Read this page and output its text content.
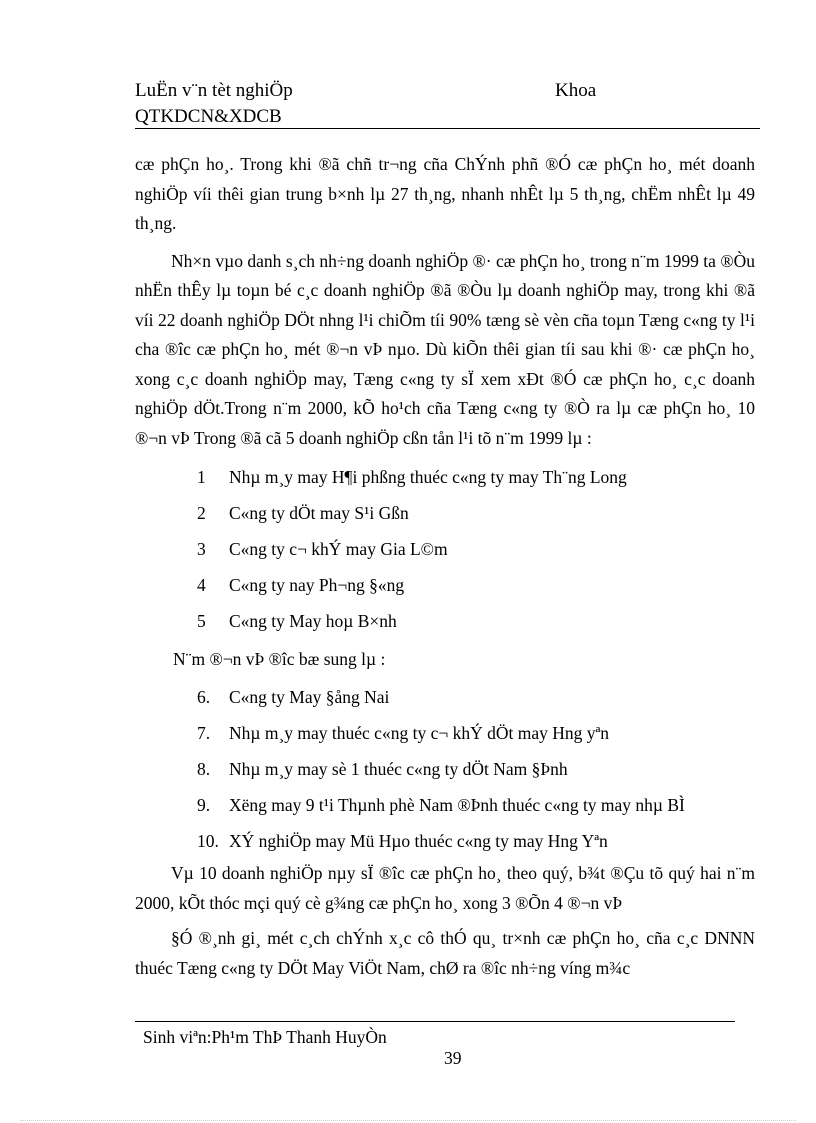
LuËn v¨n tèt nghiÖp
QTKDCN&XDCB
Khoa

cæ phÇn ho¸. Trong khi ®ã chñ tr¬ng cña ChÝnh phñ ®Ó cæ phÇn ho¸ mét doanh nghiÖp víi thêi gian trung b×nh lµ 27 th¸ng, nhanh nhÊt lµ 5 th¸ng, chËm nhÊt lµ 49 th¸ng.

Nh×n vµo danh s¸ch nh÷ng doanh nghiÖp ®· cæ phÇn ho¸ trong n¨m 1999 ta ®Òu nhËn thÊy lµ toµn bé c¸c doanh nghiÖp ®ã ®Òu lµ doanh nghiÖp may, trong khi ®ã víi 22 doanh nghiÖp DÖt nhng l¹i chiÕm tíi 90% tæng sè vèn cña toµn Tæng c«ng ty l¹i cha ®îc cæ phÇn ho¸ mét ®¬n vÞ nµo. Dù kiÕn thêi gian tíi sau khi ®· cæ phÇn ho¸ xong c¸c doanh nghiÖp may, Tæng c«ng ty sÏ xem xÐt ®Ó cæ phÇn ho¸ c¸c doanh nghiÖp dÖt.Trong n¨m 2000, kÕ ho¹ch cña Tæng c«ng ty ®Ò ra lµ cæ phÇn ho¸ 10 ®¬n vÞ Trong ®ã cã 5 doanh nghiÖp cßn tån l¹i tõ n¨m 1999 lµ :

1 Nhµ m¸y may H¶i phßng thuéc c«ng ty may Th¨ng Long
2 C«ng ty dÖt may S¹i Gßn
3 C«ng ty c¬ khÝ may Gia L©m
4 C«ng ty nay Ph¬ng §«ng
5 C«ng ty May hoµ B×nh
N¨m ®¬n vÞ ®îc bæ sung lµ :
6. C«ng ty May §ång Nai
7. Nhµ m¸y may thuéc c«ng ty c¬ khÝ dÖt may Hng yªn
8. Nhµ m¸y may sè 1 thuéc c«ng ty dÖt Nam §Þnh
9. Xëng may 9 t¹i Thµnh phè Nam ®Þnh thuéc c«ng ty may nhµ BÌ
10. XÝ nghiÖp may Mü Hµo thuéc c«ng ty may Hng Yªn

Vµ 10 doanh nghiÖp nµy sÏ ®îc cæ phÇn ho¸ theo quý, b¾t ®Çu tõ quý hai n¨m 2000, kÕt thóc mçi quý cè g¾ng cæ phÇn ho¸ xong 3 ®Õn 4 ®¬n vÞ

§Ó ®¸nh gi¸ mét c¸ch chÝnh x¸c cô thÓ qu¸ tr×nh cæ phÇn ho¸ cña c¸c DNNN thuéc Tæng c«ng ty DÖt May ViÖt Nam, chØ ra ®îc nh÷ng víng m¾c

Sinh viªn:Ph¹m ThÞ Thanh HuyÒn
39
